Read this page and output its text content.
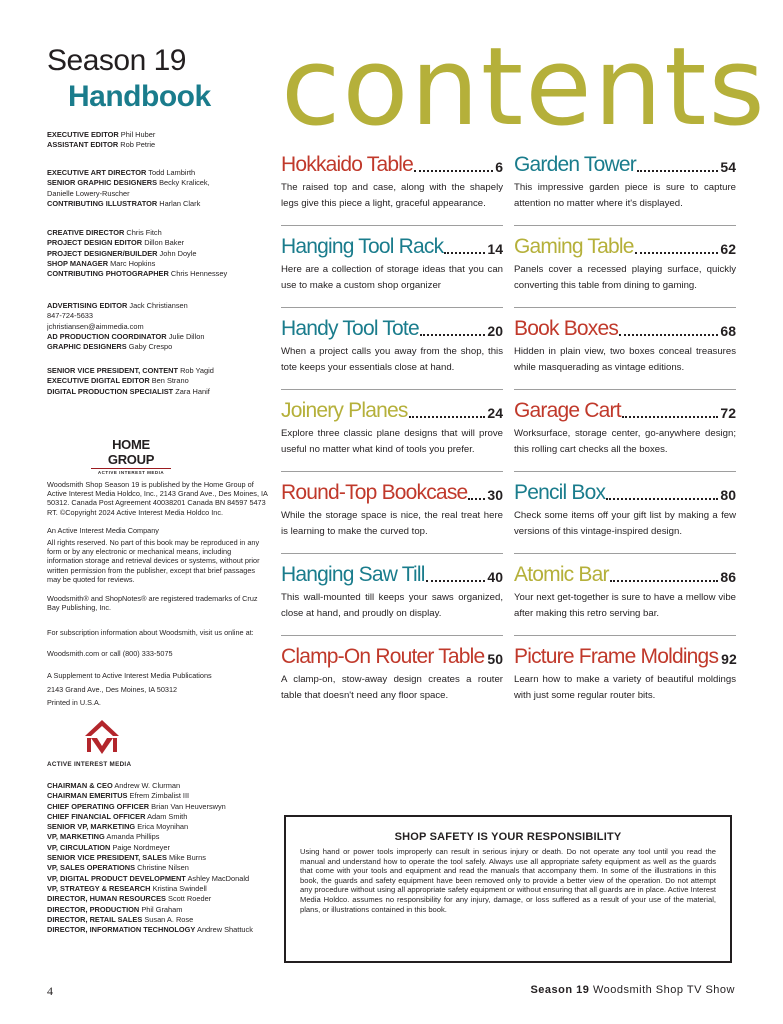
Season 19
Handbook contents
EXECUTIVE EDITOR Phil Huber
ASSISTANT EDITOR Rob Petrie
EXECUTIVE ART DIRECTOR Todd Lambirth
SENIOR GRAPHIC DESIGNERS Becky Kralicek,
Danielle Lowery-Ruscher
CONTRIBUTING ILLUSTRATOR Harlan Clark
CREATIVE DIRECTOR Chris Fitch
PROJECT DESIGN EDITOR Dillon Baker
PROJECT DESIGNER/BUILDER John Doyle
SHOP MANAGER Marc Hopkins
CONTRIBUTING PHOTOGRAPHER Chris Hennessey
ADVERTISING EDITOR Jack Christiansen
847-724-5633
jchristiansen@aimmedia.com
AD PRODUCTION COORDINATOR Julie Dillon
GRAPHIC DESIGNERS Gaby Crespo
SENIOR VICE PRESIDENT, CONTENT Rob Yagid
EXECUTIVE DIGITAL EDITOR Ben Strano
DIGITAL PRODUCTION SPECIALIST Zara Hanif
HOME GROUP
ACTIVE INTEREST MEDIA
Woodsmith Shop Season 19 is published by the Home Group of Active Interest Media Holdco, Inc., 2143 Grand Ave., Des Moines, IA 50312. Canada Post Agreement 40038201 Canada BN 84597 5473 RT. ©Copyright 2024 Active Interest Media Holdco Inc.
An Active Interest Media Company
All rights reserved. No part of this book may be reproduced in any form or by any electronic or mechanical means, including information storage and retrieval devices or systems, without prior written permission from the publisher, except that brief passages may be quoted for reviews.
Woodsmith® and ShopNotes® are registered trademarks of Cruz Bay Publishing, Inc.
For subscription information about Woodsmith, visit us online at:
Woodsmith.com or call (800) 333-5075
A Supplement to Active Interest Media Publications
2143 Grand Ave., Des Moines, IA 50312
Printed in U.S.A.
ACTIVE INTEREST MEDIA
CHAIRMAN & CEO Andrew W. Clurman
CHAIRMAN EMERITUS Efrem Zimbalist III
CHIEF OPERATING OFFICER Brian Van Heuverswyn
CHIEF FINANCIAL OFFICER Adam Smith
SENIOR VP, MARKETING Erica Moynihan
VP, MARKETING Amanda Phillips
VP, CIRCULATION Paige Nordmeyer
SENIOR VICE PRESIDENT, SALES Mike Burns
VP, SALES OPERATIONS Christine Nilsen
VP, DIGITAL PRODUCT DEVELOPMENT Ashley MacDonald
VP, STRATEGY & RESEARCH Kristina Swindell
DIRECTOR, HUMAN RESOURCES Scott Roeder
DIRECTOR, PRODUCTION Phil Graham
DIRECTOR, RETAIL SALES Susan A. Rose
DIRECTOR, INFORMATION TECHNOLOGY Andrew Shattuck
Hokkaido Table	6
The raised top and case, along with the shapely legs give this piece a light, graceful appearance.
Hanging Tool Rack	14
Here are a collection of storage ideas that you can use to make a custom shop organizer
Handy Tool Tote	20
When a project calls you away from the shop, this tote keeps your essentials close at hand.
Joinery Planes	24
Explore three classic plane designs that will prove useful no matter what kind of tools you prefer.
Round-Top Bookcase 30
While the storage space is nice, the real treat here is learning to make the curved top.
Hanging Saw Till	40
This wall-mounted till keeps your saws organized, close at hand, and proudly on display.
Clamp-On Router Table 50
A clamp-on, stow-away design creates a router table that doesn't need any floor space.
Garden Tower	54
This impressive garden piece is sure to capture attention no matter where it's displayed.
Gaming Table	62
Panels cover a recessed playing surface, quickly converting this table from dining to gaming.
Book Boxes	68
Hidden in plain view, two boxes conceal treasures while masquerading as vintage editions.
Garage Cart	72
Worksurface, storage center, go-anywhere design; this rolling cart checks all the boxes.
Pencil Box	80
Check some items off your gift list by making a few versions of this vintage-inspired design.
Atomic Bar	86
Your next get-together is sure to have a mellow vibe after making this retro serving bar.
Picture Frame Moldings 92
Learn how to make a variety of beautiful moldings with just some regular router bits.
SHOP SAFETY IS YOUR RESPONSIBILITY
Using hand or power tools improperly can result in serious injury or death. Do not operate any tool until you read the manual and understand how to operate the tool safely. Always use all appropriate safety equipment as well as the guards that come with your tools and equipment and read the manuals that accompany them. In some of the illustrations in this book, the guards and safety equipment have been removed only to provide a better view of the operation. Do not attempt any procedure without using all appropriate safety equipment or without ensuring that all guards are in place. Active Interest Media Holdco. assumes no responsibility for any injury, damage, or loss suffered as a result of your use of the material, plans, or illustrations contained in this book.
4	Season 19 Woodsmith Shop TV Show
